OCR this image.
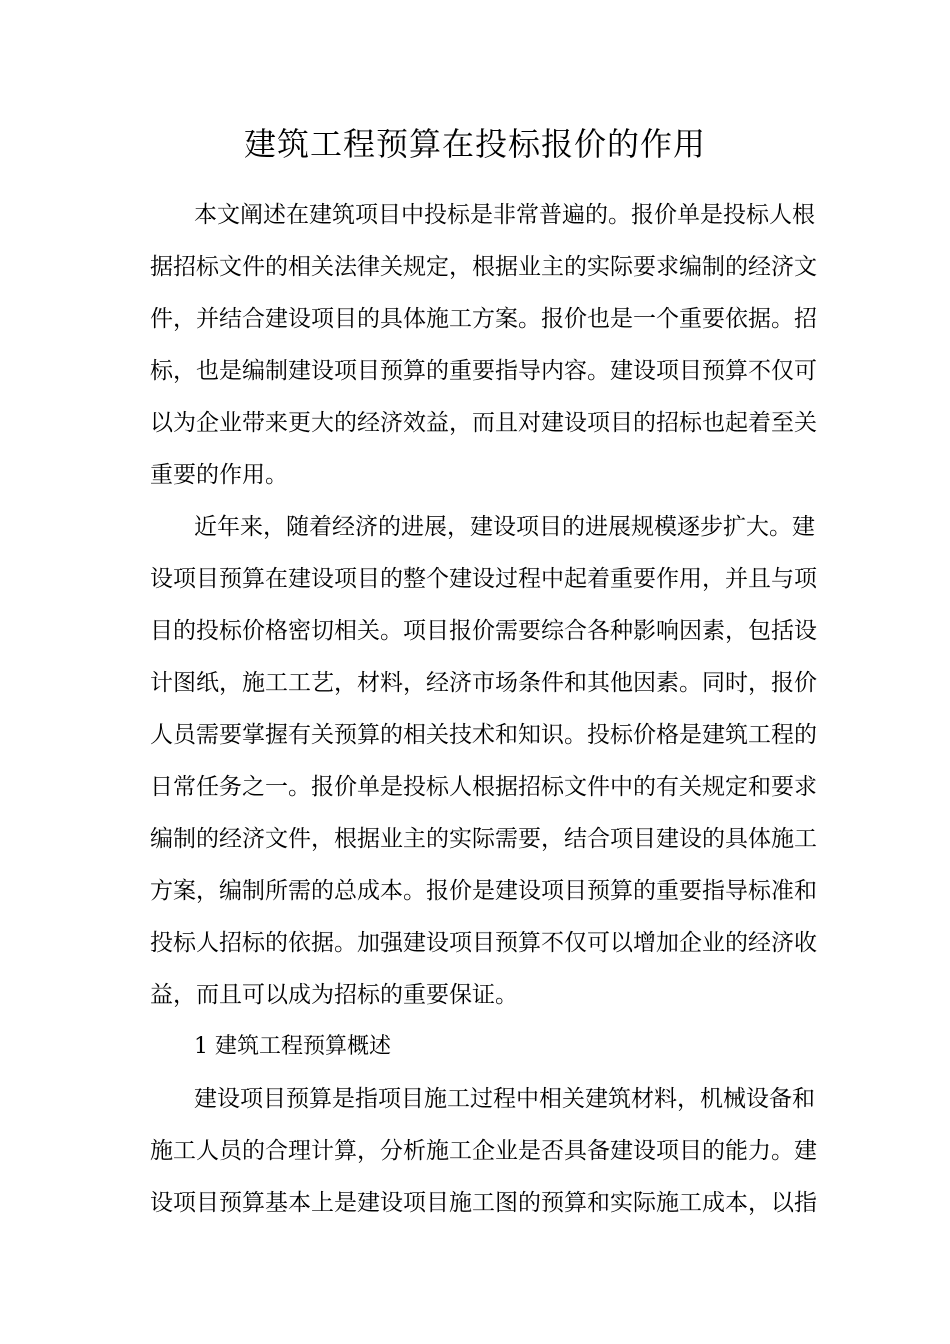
建筑工程预算在投标报价的作用
本文阐述在建筑项目中投标是非常普遍的。报价单是投标人根
据招标文件的相关法律关规定，根据业主的实际要求编制的经济文
件，并结合建设项目的具体施工方案。报价也是一个重要依据。招
标，也是编制建设项目预算的重要指导内容。建设项目预算不仅可
以为企业带来更大的经济效益，而且对建设项目的招标也起着至关
重要的作用。
近年来，随着经济的进展，建设项目的进展规模逐步扩大。建
设项目预算在建设项目的整个建设过程中起着重要作用，并且与项
目的投标价格密切相关。项目报价需要综合各种影响因素，包括设
计图纸，施工工艺，材料，经济市场条件和其他因素。同时，报价
人员需要掌握有关预算的相关技术和知识。投标价格是建筑工程的
日常任务之一。报价单是投标人根据招标文件中的有关规定和要求
编制的经济文件，根据业主的实际需要，结合项目建设的具体施工
方案，编制所需的总成本。报价是建设项目预算的重要指导标准和
投标人招标的依据。加强建设项目预算不仅可以增加企业的经济收
益，而且可以成为招标的重要保证。
1 建筑工程预算概述
建设项目预算是指项目施工过程中相关建筑材料，机械设备和
施工人员的合理计算，分析施工企业是否具备建设项目的能力。建
设项目预算基本上是建设项目施工图的预算和实际施工成本，以指
